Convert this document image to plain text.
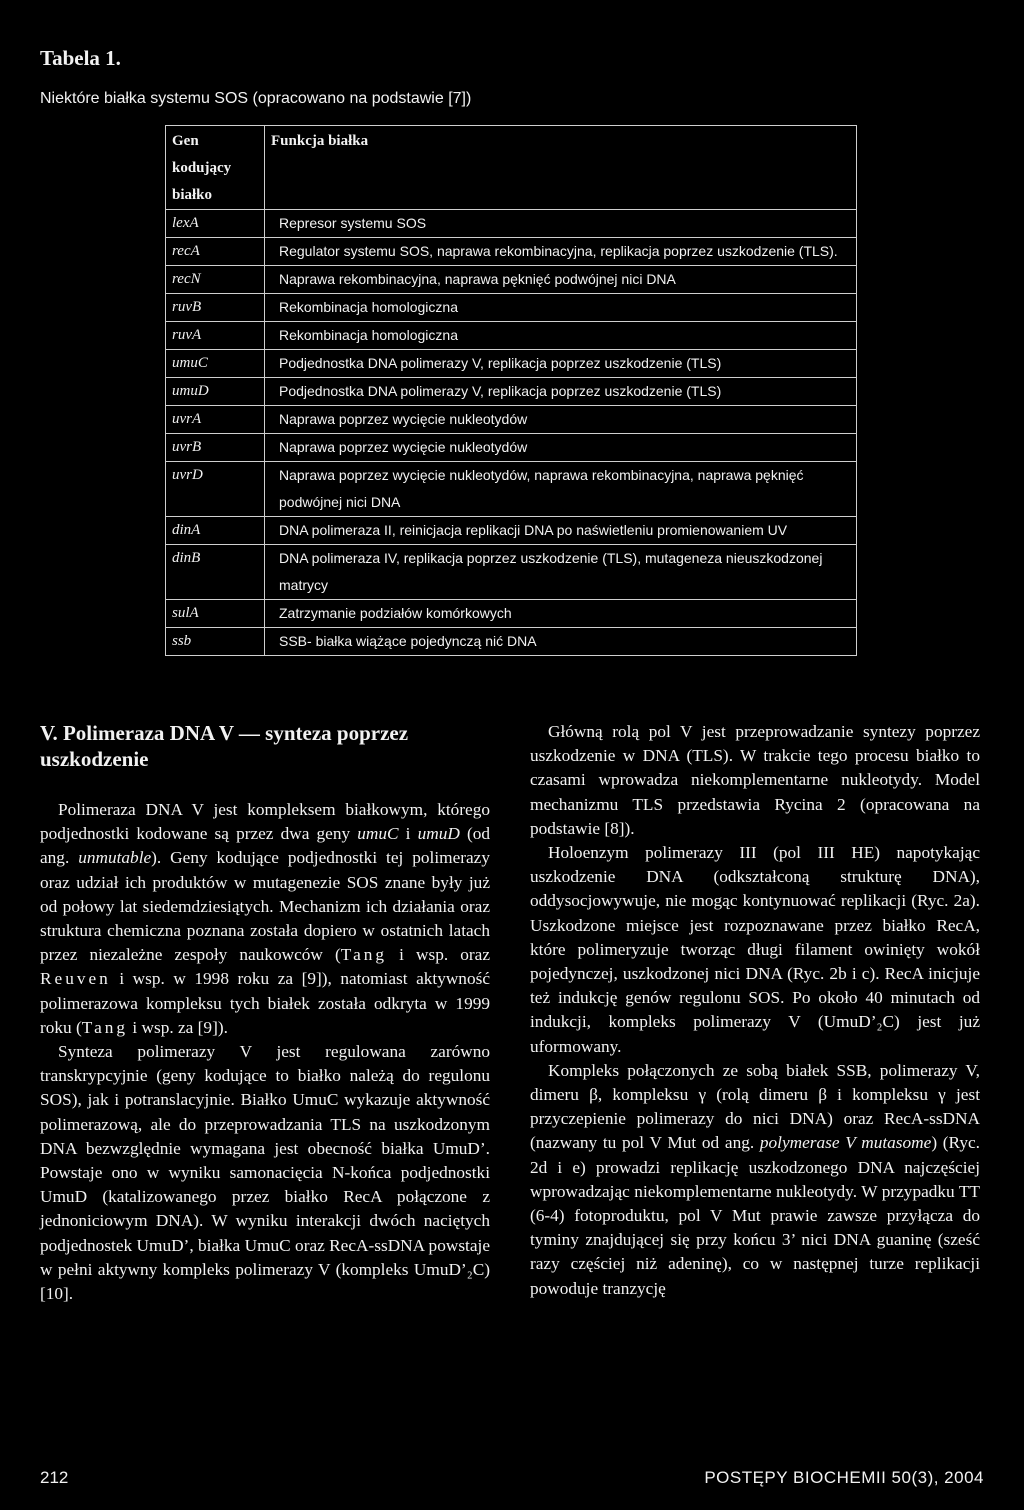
Tabela 1.
Niektóre białka systemu SOS (opracowano na podstawie [7])
Gen kodujący białko	Funkcja białka
lexA	Represor systemu SOS
recA	Regulator systemu SOS, naprawa rekombinacyjna, replikacja poprzez uszkodzenie (TLS).
recN	Naprawa rekombinacyjna, naprawa pęknięć podwójnej nici DNA
ruvB	Rekombinacja homologiczna
ruvA	Rekombinacja homologiczna
umuC	Podjednostka DNA polimerazy V, replikacja poprzez uszkodzenie (TLS)
umuD	Podjednostka DNA polimerazy V, replikacja poprzez uszkodzenie (TLS)
uvrA	Naprawa poprzez wycięcie nukleotydów
uvrB	Naprawa poprzez wycięcie nukleotydów
uvrD	Naprawa poprzez wycięcie nukleotydów, naprawa rekombinacyjna, naprawa pęknięć podwójnej nici DNA
dinA	DNA polimeraza II, reinicjacja replikacji DNA po naświetleniu promienowaniem UV
dinB	DNA polimeraza IV, replikacja poprzez uszkodzenie (TLS), mutageneza nieuszkodzonej matrycy
sulA	Zatrzymanie podziałów komórkowych
ssb	SSB- białka wiążące pojedynczą nić DNA
V. Polimeraza DNA V — synteza poprzez uszkodzenie

Polimeraza DNA V jest kompleksem białkowym, którego podjednostki kodowane są przez dwa geny umuC i umuD (od ang. unmutable). Geny kodujące podjednostki tej polimerazy oraz udział ich produktów w mutagenezie SOS znane były już od połowy lat siedemdziesiątych. Mechanizm ich działania oraz struktura chemiczna poznana została dopiero w ostatnich latach przez niezależne zespoły naukowców (Tang i wsp. oraz Reuven i wsp. w 1998 roku za [9]), natomiast aktywność polimerazowa kompleksu tych białek została odkryta w 1999 roku (Tang i wsp. za [9]).

Synteza polimerazy V jest regulowana zarówno transkrypcyjnie (geny kodujące to białko należą do regulonu SOS), jak i potranslacyjnie. Białko UmuC wykazuje aktywność polimerazową, ale do przeprowadzania TLS na uszkodzonym DNA bezwzględnie wymagana jest obecność białka UmuD’. Powstaje ono w wyniku samonacięcia N-końca podjednostki UmuD (katalizowanego przez białko RecA połączone z jednoniciowym DNA). W wyniku interakcji dwóch naciętych podjednostek UmuD’, białka UmuC oraz RecA-ssDNA powstaje w pełni aktywny kompleks polimerazy V (kompleks UmuD’₂C) [10].

Główną rolą pol V jest przeprowadzanie syntezy poprzez uszkodzenie w DNA (TLS). W trakcie tego procesu białko to czasami wprowadza niekomplementarne nukleotydy. Model mechanizmu TLS przedstawia Rycina 2 (opracowana na podstawie [8]).

Holoenzym polimerazy III (pol III HE) napotykając uszkodzenie DNA (odkształconą strukturę DNA), oddysocjowywuje, nie mogąc kontynuować replikacji (Ryc. 2a). Uszkodzone miejsce jest rozpoznawane przez białko RecA, które polimeryzuje tworząc długi filament owinięty wokół pojedynczej, uszkodzonej nici DNA (Ryc. 2b i c). RecA inicjuje też indukcję genów regulonu SOS. Po około 40 minutach od indukcji, kompleks polimerazy V (UmuD’₂C) jest już uformowany.

Kompleks połączonych ze sobą białek SSB, polimerazy V, dimeru β, kompleksu γ (rolą dimeru β i kompleksu γ jest przyczepienie polimerazy do nici DNA) oraz RecA-ssDNA (nazwany tu pol V Mut od ang. polymerase V mutasome) (Ryc. 2d i e) prowadzi replikację uszkodzonego DNA najczęściej wprowadzając niekomplementarne nukleotydy. W przypadku TT (6-4) fotoproduktu, pol V Mut prawie zawsze przyłącza do tyminy znajdującej się przy końcu 3’ nici DNA guaninę (sześć razy częściej niż adeninę), co w następnej turze replikacji powoduje tranzycję

212	POSTĘPY BIOCHEMII 50(3), 2004
